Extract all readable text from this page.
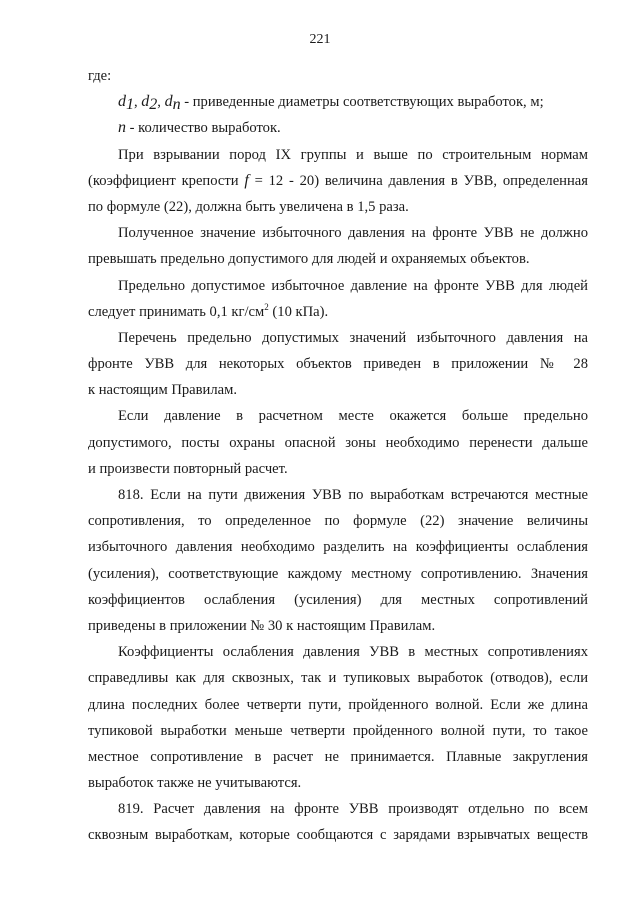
221
где:
$d_1$, $d_2$, $d_n$ - приведенные диаметры соответствующих выработок, м;
n - количество выработок.
При взрывании пород IX группы и выше по строительным нормам
(коэффициент крепости f = 12 - 20) величина давления в УВВ, определенная
по формуле (22), должна быть увеличена в 1,5 раза.
Полученное значение избыточного давления на фронте УВВ не должно
превышать предельно допустимого для людей и охраняемых объектов.
Предельно допустимое избыточное давление на фронте УВВ для людей
следует принимать 0,1 $кг/см^2$ (10 кПа).
Перечень предельно допустимых значений избыточного давления на
фронте УВВ для некоторых объектов приведен в приложении № 28
к настоящим Правилам.
Если давление в расчетном месте окажется больше предельно
допустимого, посты охраны опасной зоны необходимо перенести дальше
и произвести повторный расчет.
818. Если на пути движения УВВ по выработкам встречаются местные
сопротивления, то определенное по формуле (22) значение величины
избыточного давления необходимо разделить на коэффициенты ослабления
(усиления), соответствующие каждому местному сопротивлению. Значения
коэффициентов ослабления (усиления) для местных сопротивлений
приведены в приложении № 30 к настоящим Правилам.
Коэффициенты ослабления давления УВВ в местных сопротивлениях
справедливы как для сквозных, так и тупиковых выработок (отводов), если
длина последних более четверти пути, пройденного волной. Если же длина
тупиковой выработки меньше четверти пройденного волной пути, то такое
местное сопротивление в расчет не принимается. Плавные закругления
выработок также не учитываются.
819. Расчет давления на фронте УВВ производят отдельно по всем
сквозным выработкам, которые сообщаются с зарядами взрывчатых веществ
